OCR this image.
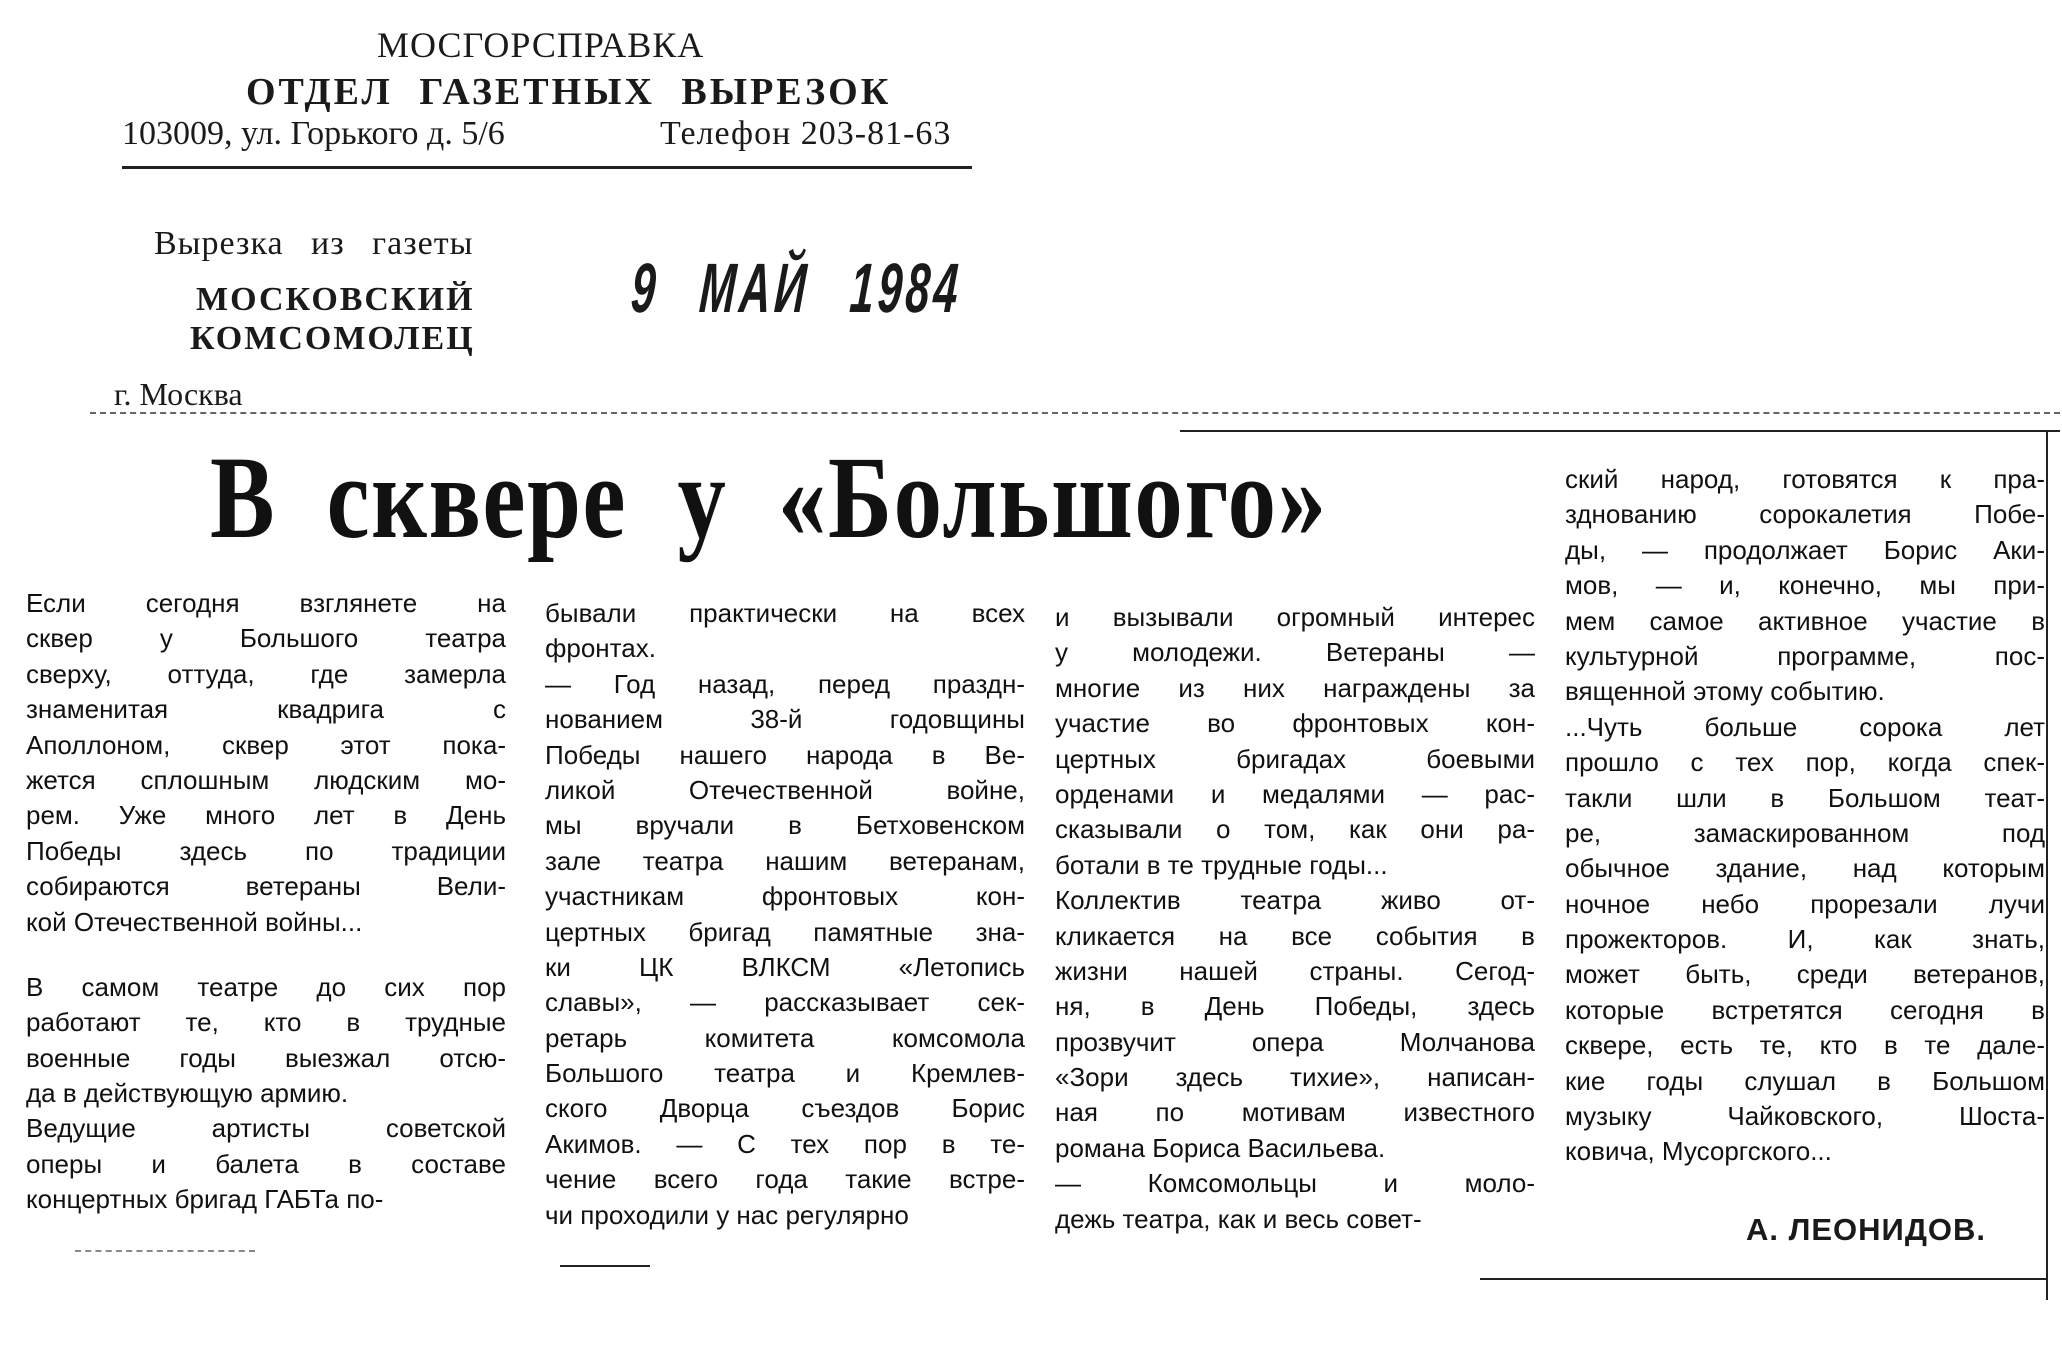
МОСГОРСПРАВКА
ОТДЕЛ ГАЗЕТНЫХ ВЫРЕЗОК
103009, ул. Горького д. 5/6	Телефон 203-81-63
Вырезка из газеты
МОСКОВСКИЙ
КОМСОМОЛЕЦ
г. Москва
9 МАЙ 1984
В сквере у «Большого»
Если сегодня взглянете на
сквер у Большого театра
сверху, оттуда, где замерла
знаменитая квадрига с
Аполлоном, сквер этот пока-
жется сплошным людским мо-
рем. Уже много лет в День
Победы здесь по традиции
собираются ветераны Вели-
кой Отечественной войны...
В самом театре до сих пор
работают те, кто в трудные
военные годы выезжал отсю-
да в действующую армию.
Ведущие артисты советской
оперы и балета в составе
концертных бригад ГАБТа по-
бывали практически на всех
фронтах.
— Год назад, перед праздн-
нованием 38-й годовщины
Победы нашего народа в Ве-
ликой Отечественной войне,
мы вручали в Бетховенском
зале театра нашим ветеранам,
участникам фронтовых кон-
цертных бригад памятные зна-
ки ЦК ВЛКСМ «Летопись
славы», — рассказывает сек-
ретарь комитета комсомола
Большого театра и Кремлев-
ского Дворца съездов Борис
Акимов. — С тех пор в те-
чение всего года такие встре-
чи проходили у нас регулярно
и вызывали огромный интерес
у молодежи. Ветераны —
многие из них награждены за
участие во фронтовых кон-
цертных бригадах боевыми
орденами и медалями — рас-
сказывали о том, как они ра-
ботали в те трудные годы...
Коллектив театра живо от-
кликается на все события в
жизни нашей страны. Сегод-
ня, в День Победы, здесь
прозвучит опера Молчанова
«Зори здесь тихие», написан-
ная по мотивам известного
романа Бориса Васильева.
— Комсомольцы и моло-
дежь театра, как и весь совет-
ский народ, готовятся к пра-
зднованию сорокалетия Побе-
ды, — продолжает Борис Аки-
мов, — и, конечно, мы при-
мем самое активное участие в
культурной программе, пос-
вященной этому событию.
...Чуть больше сорока лет
прошло с тех пор, когда спек-
такли шли в Большом теат-
ре, замаскированном под
обычное здание, над которым
ночное небо прорезали лучи
прожекторов. И, как знать,
может быть, среди ветеранов,
которые встретятся сегодня в
сквере, есть те, кто в те дале-
кие годы слушал в Большом
музыку Чайковского, Шоста-
ковича, Мусоргского...
А. ЛЕОНИДОВ.
